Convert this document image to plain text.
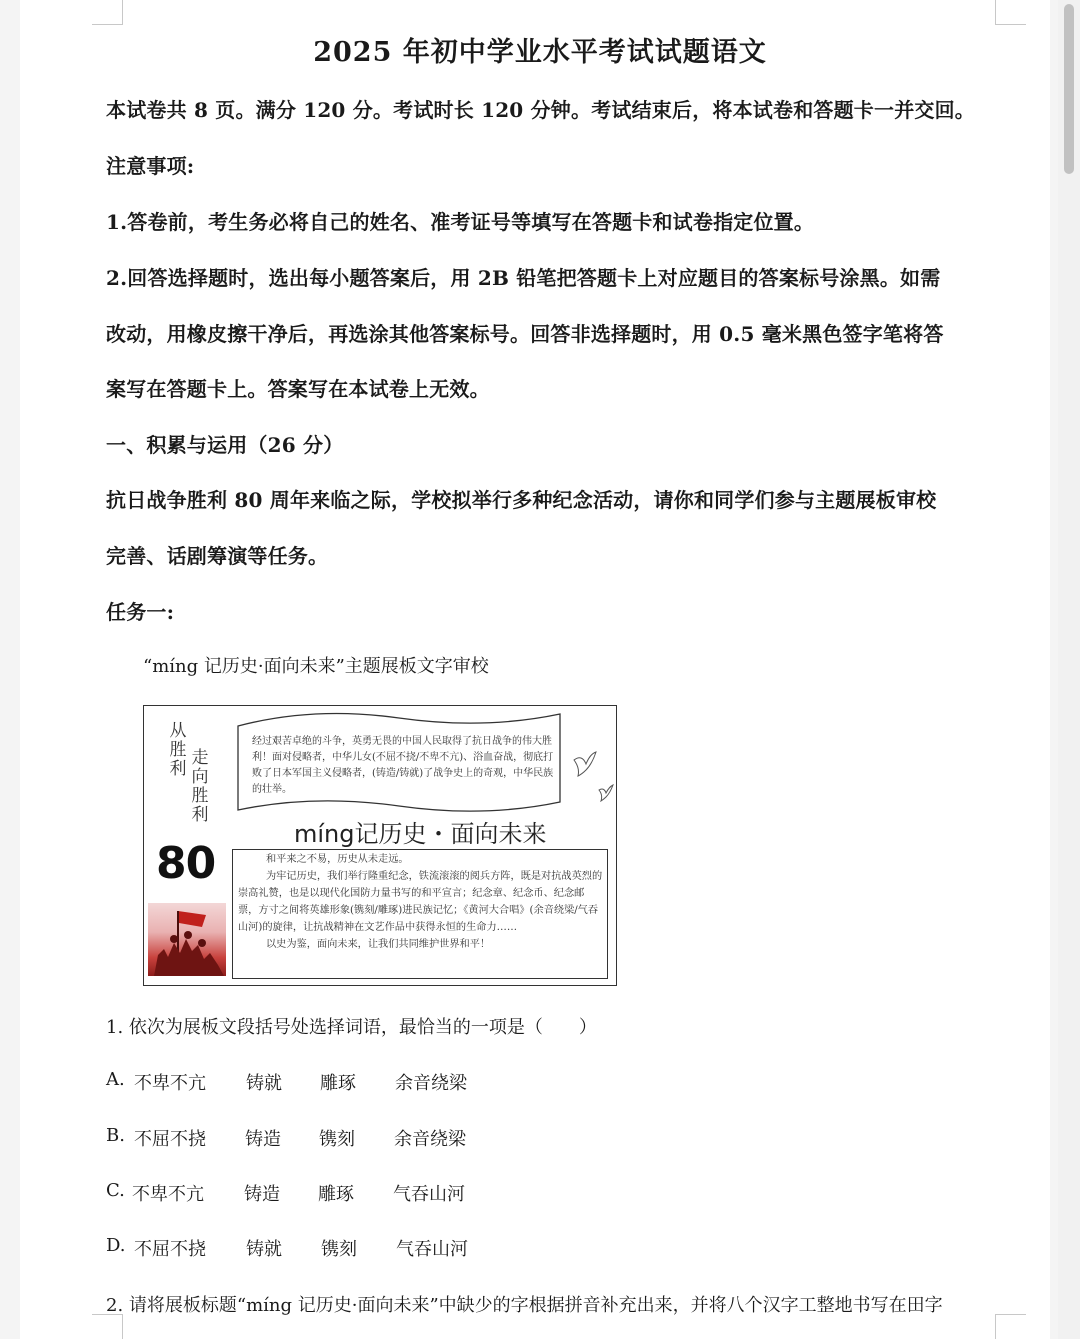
2025 年初中学业水平考试试题语文
本试卷共 8 页。满分 120 分。考试时长 120 分钟。考试结束后，将本试卷和答题卡一并交回。
注意事项:
1.答卷前，考生务必将自己的姓名、准考证号等填写在答题卡和试卷指定位置。
2.回答选择题时，选出每小题答案后，用 2B 铅笔把答题卡上对应题目的答案标号涂黑。如需
改动，用橡皮擦干净后，再选涂其他答案标号。回答非选择题时，用 0.5 毫米黑色签字笔将答
案写在答题卡上。答案写在本试卷上无效。
一、积累与运用（26 分）
抗日战争胜利 80 周年来临之际，学校拟举行多种纪念活动，请你和同学们参与主题展板审校
完善、话剧筹演等任务。
任务一:
“míng 记历史·面向未来”主题展板文字审校
从胜利
走向胜利
80
经过艰苦卓绝的斗争，英勇无畏的中国人民取得了抗日战争的伟大胜利！面对侵略者，中华儿女(不屈不挠/不卑不亢)、浴血奋战，彻底打败了日本军国主义侵略者，(铸造/铸就)了战争史上的奇观，中华民族的壮举。
míng记历史・面向未来

和平来之不易，历史从未走远。

为牢记历史，我们举行隆重纪念，铁流滚滚的阅兵方阵，既是对抗战英烈的崇高礼赞，也是以现代化国防力量书写的和平宣言；纪念章、纪念币、纪念邮票，方寸之间将英雄形象(镌刻/雕琢)进民族记忆；《黄河大合唱》(余音绕梁/气吞山河)的旋律，让抗战精神在文艺作品中获得永恒的生命力……

以史为鉴，面向未来，让我们共同维护世界和平！

1. 依次为展板文段括号处选择词语，最恰当的一项是（　　）
A. 不卑不亢 铸就 雕琢 余音绕梁
B. 不屈不挠 铸造 镌刻 余音绕梁
C. 不卑不亢 铸造 雕琢 气吞山河
D. 不屈不挠 铸就 镌刻 气吞山河
2. 请将展板标题“míng 记历史·面向未来”中缺少的字根据拼音补充出来，并将八个汉字工整地书写在田字
